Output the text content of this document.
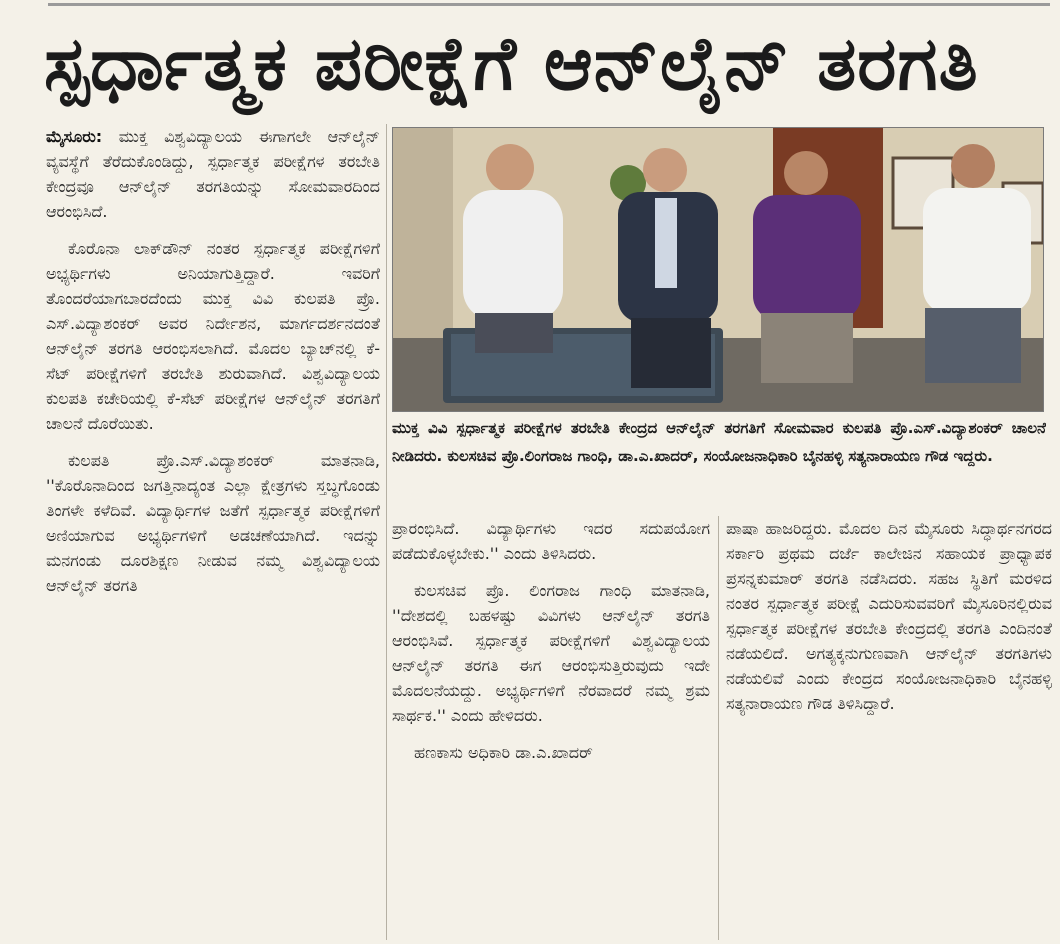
ಸ್ಪರ್ಧಾತ್ಮಕ ಪರೀಕ್ಷೆಗೆ ಆನ್‌ಲೈನ್ ತರಗತಿ

ಮೈಸೂರು: ಮುಕ್ತ ವಿಶ್ವವಿದ್ಯಾಲಯ ಈಗಾಗಲೇ ಆನ್‌ಲೈನ್ ವ್ಯವಸ್ಥೆಗೆ ತೆರೆದುಕೊಂಡಿದ್ದು, ಸ್ಪರ್ಧಾತ್ಮಕ ಪರೀಕ್ಷೆಗಳ ತರಬೇತಿ ಕೇಂದ್ರವೂ ಆನ್‌ಲೈನ್ ತರಗತಿಯನ್ನು ಸೋಮವಾರದಿಂದ ಆರಂಭಿಸಿದೆ.

ಕೊರೊನಾ ಲಾಕ್‌ಡೌನ್ ನಂತರ ಸ್ಪರ್ಧಾತ್ಮಕ ಪರೀಕ್ಷೆಗಳಿಗೆ ಅಭ್ಯರ್ಥಿಗಳು ಅನಿಯಾಗುತ್ತಿದ್ದಾರೆ. ಇವರಿಗೆ ತೊಂದರೆಯಾಗಬಾರದೆಂದು ಮುಕ್ತ ವಿವಿ ಕುಲಪತಿ ಪ್ರೊ. ಎಸ್.ವಿದ್ಯಾಶಂಕರ್ ಅವರ ನಿರ್ದೇಶನ, ಮಾರ್ಗದರ್ಶನದಂತೆ ಆನ್‌ಲೈನ್ ತರಗತಿ ಆರಂಭಿಸಲಾಗಿದೆ. ಮೊದಲ ಬ್ಯಾಚ್‌ನಲ್ಲಿ ಕೆ-ಸೆಟ್ ಪರೀಕ್ಷೆಗಳಿಗೆ ತರಬೇತಿ ಶುರುವಾಗಿದೆ. ವಿಶ್ವವಿದ್ಯಾಲಯ ಕುಲಪತಿ ಕಚೇರಿಯಲ್ಲಿ ಕೆ-ಸೆಟ್ ಪರೀಕ್ಷೆಗಳ ಆನ್‌ಲೈನ್ ತರಗತಿಗೆ ಚಾಲನೆ ದೊರೆಯಿತು.

ಕುಲಪತಿ ಪ್ರೊ.ಎಸ್.ವಿದ್ಯಾಶಂಕರ್ ಮಾತನಾಡಿ, ''ಕೊರೊನಾದಿಂದ ಜಗತ್ತಿನಾದ್ಯಂತ ಎಲ್ಲಾ ಕ್ಷೇತ್ರಗಳು ಸ್ತಬ್ಧಗೊಂಡು ತಿಂಗಳೇ ಕಳೆದಿವೆ. ವಿದ್ಯಾರ್ಥಿಗಳ ಜತೆಗೆ ಸ್ಪರ್ಧಾತ್ಮಕ ಪರೀಕ್ಷೆಗಳಿಗೆ ಅಣಿಯಾಗುವ ಅಭ್ಯರ್ಥಿಗಳಿಗೆ ಅಡಚಣೆಯಾಗಿದೆ. ಇದನ್ನು ಮನಗಂಡು ದೂರಶಿಕ್ಷಣ ನೀಡುವ ನಮ್ಮ ವಿಶ್ವವಿದ್ಯಾಲಯ ಆನ್‌ಲೈನ್ ತರಗತಿ

ಮುಕ್ತ ವಿವಿ ಸ್ಪರ್ಧಾತ್ಮಕ ಪರೀಕ್ಷೆಗಳ ತರಬೇತಿ ಕೇಂದ್ರದ ಆನ್‌ಲೈನ್ ತರಗತಿಗೆ ಸೋಮವಾರ ಕುಲಪತಿ ಪ್ರೊ.ಎಸ್.ವಿದ್ಯಾಶಂಕರ್ ಚಾಲನೆ ನೀಡಿದರು. ಕುಲಸಚಿವ ಪ್ರೊ.ಲಿಂಗರಾಜ ಗಾಂಧಿ, ಡಾ.ಎ.ಖಾದರ್, ಸಂಯೋಜನಾಧಿಕಾರಿ ಬೈನಹಳ್ಳಿ ಸತ್ಯನಾರಾಯಣ ಗೌಡ ಇದ್ದರು.

ಪ್ರಾರಂಭಿಸಿದೆ. ವಿದ್ಯಾರ್ಥಿಗಳು ಇದರ ಸದುಪಯೋಗ ಪಡೆದುಕೊಳ್ಳಬೇಕು.'' ಎಂದು ತಿಳಿಸಿದರು.

ಕುಲಸಚಿವ ಪ್ರೊ. ಲಿಂಗರಾಜ ಗಾಂಧಿ ಮಾತನಾಡಿ, ''ದೇಶದಲ್ಲಿ ಬಹಳಷ್ಟು ವಿವಿಗಳು ಆನ್‌ಲೈನ್ ತರಗತಿ ಆರಂಭಿಸಿವೆ. ಸ್ಪರ್ಧಾತ್ಮಕ ಪರೀಕ್ಷೆಗಳಿಗೆ ವಿಶ್ವವಿದ್ಯಾಲಯ ಆನ್‌ಲೈನ್ ತರಗತಿ ಈಗ ಆರಂಭಿಸುತ್ತಿರುವುದು ಇದೇ ಮೊದಲನೆಯದ್ದು. ಅಭ್ಯರ್ಥಿಗಳಿಗೆ ನೆರವಾದರೆ ನಮ್ಮ ಶ್ರಮ ಸಾರ್ಥಕ.'' ಎಂದು ಹೇಳಿದರು.

ಹಣಕಾಸು ಅಧಿಕಾರಿ ಡಾ.ಎ.ಖಾದರ್

ಪಾಷಾ ಹಾಜರಿದ್ದರು. ಮೊದಲ ದಿನ ಮೈಸೂರು ಸಿದ್ಧಾರ್ಥನಗರದ ಸರ್ಕಾರಿ ಪ್ರಥಮ ದರ್ಜೆ ಕಾಲೇಜಿನ ಸಹಾಯಕ ಪ್ರಾಧ್ಯಾಪಕ ಪ್ರಸನ್ನಕುಮಾರ್ ತರಗತಿ ನಡೆಸಿದರು. ಸಹಜ ಸ್ಥಿತಿಗೆ ಮರಳಿದ ನಂತರ ಸ್ಪರ್ಧಾತ್ಮಕ ಪರೀಕ್ಷೆ ಎದುರಿಸುವವರಿಗೆ ಮೈಸೂರಿನಲ್ಲಿರುವ ಸ್ಪರ್ಧಾತ್ಮಕ ಪರೀಕ್ಷೆಗಳ ತರಬೇತಿ ಕೇಂದ್ರದಲ್ಲಿ ತರಗತಿ ಎಂದಿನಂತೆ ನಡೆಯಲಿದೆ. ಅಗತ್ಯಕ್ಕನುಗುಣವಾಗಿ ಆನ್‌ಲೈನ್ ತರಗತಿಗಳು ನಡೆಯಲಿವೆ ಎಂದು ಕೇಂದ್ರದ ಸಂಯೋಜನಾಧಿಕಾರಿ ಬೈನಹಳ್ಳಿ ಸತ್ಯನಾರಾಯಣ ಗೌಡ ತಿಳಿಸಿದ್ದಾರೆ.
